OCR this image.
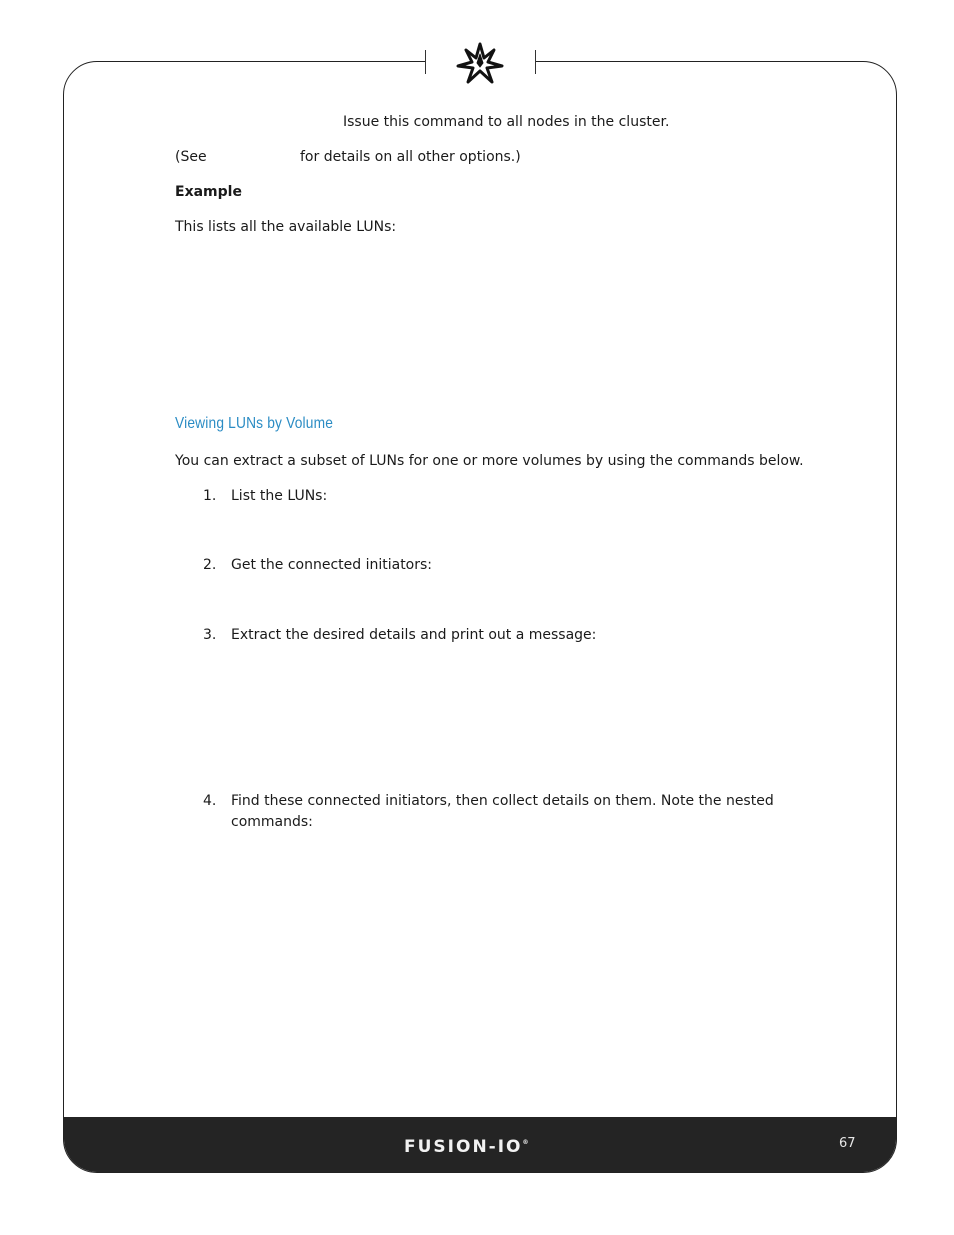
Issue this command to all nodes in the cluster.
(See	for details on all other options.)
Example
This lists all the available LUNs:
Viewing LUNs by Volume
You can extract a subset of LUNs for one or more volumes by using the commands below.
1. List the LUNs:
2. Get the connected initiators:
3. Extract the desired details and print out a message:
4. Find these connected initiators, then collect details on them. Note the nested commands:
FUSION-IO®	67
